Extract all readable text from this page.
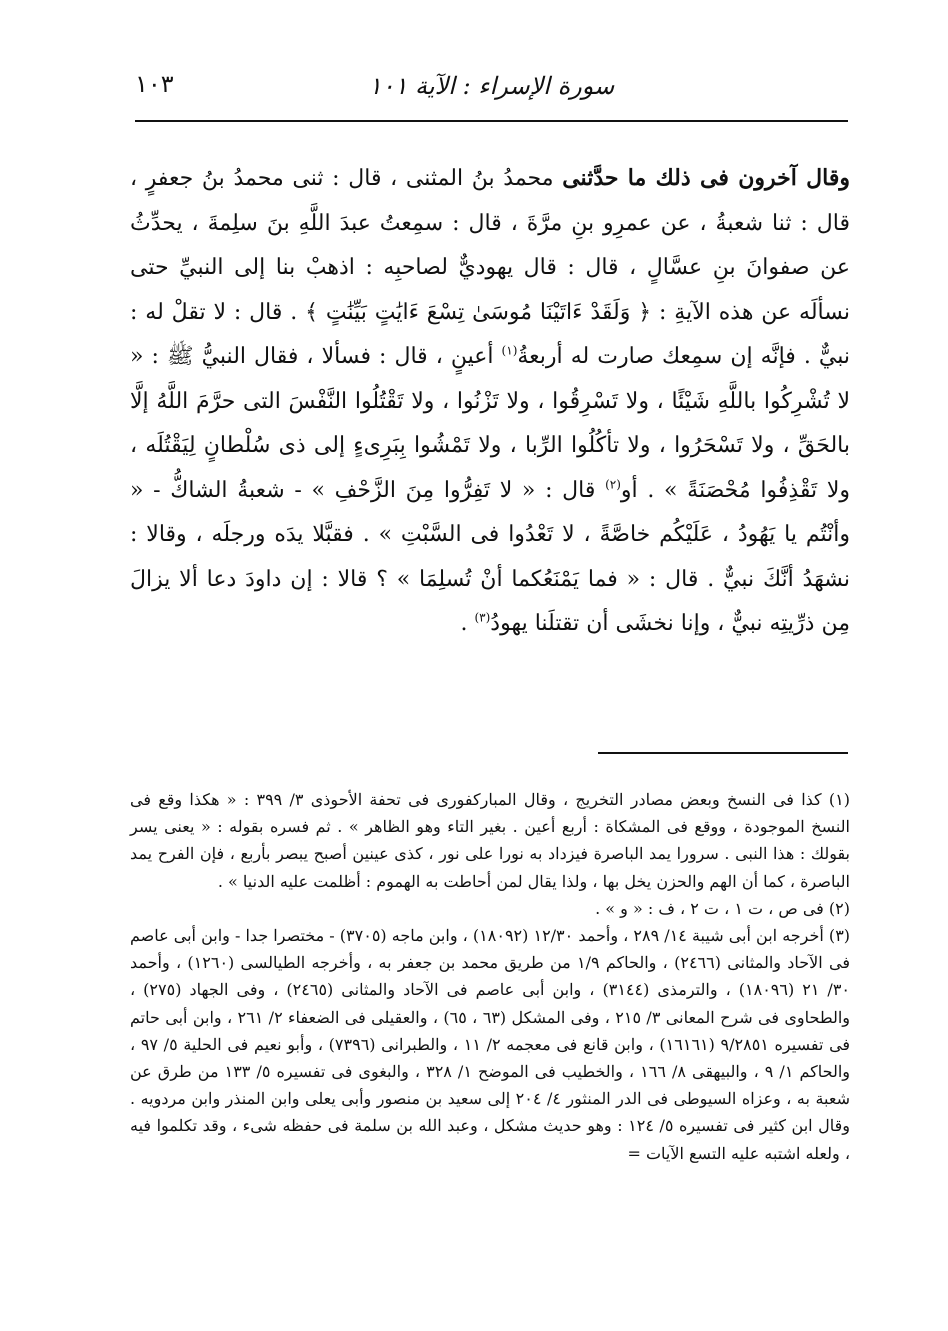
سورة الإسراء : الآية ١٠١
١٠٣

وقال آخرون فى ذلك ما حدَّثنى محمدُ بنُ المثنى ، قال : ثنى محمدُ بنُ جعفرٍ ، قال : ثنا شعبةُ ، عن عمرِو بنِ مرَّةَ ، قال : سمِعتُ عبدَ اللَّهِ بنَ سلِمةَ ، يحدِّثُ عن صفوانَ بنِ عسَّالٍ ، قال : قال يهوديٌّ لصاحبِه : اذهبْ بنا إلى النبيِّ حتى نسألَه عن هذه الآيةِ : ﴿ وَلَقَدْ ءَاتَيْنَا مُوسَىٰ تِسْعَ ءَايَٰتٍ بَيِّنَٰتٍ ﴾ . قال : لا تقلْ له : نبيٌّ . فإنَّه إن سمِعك صارت له أربعةُ$^{(١)}$ أعينٍ ، قال : فسألا ، فقال النبيُّ ﷺ : « لا تُشْرِكُوا باللَّهِ شَيْئًا ، ولا تَسْرِقُوا ، ولا تَزْنُوا ، ولا تَقْتُلُوا النَّفْسَ التى حرَّمَ اللَّهُ إلَّا بالحَقِّ ، ولا تَسْحَرُوا ، ولا تأكُلُوا الرِّبا ، ولا تَمْشُوا بِبَرِىءٍ إلى ذى سُلْطانٍ لِيَقْتُلَه ، ولا تَقْذِفُوا مُحْصَنَةً » . أو$^{(٢)}$ قال : « لا تَفِرُّوا مِنَ الزَّحْفِ » - شعبةُ الشاكُّ - « وأنْتُم يا يَهُودُ ، عَلَيْكُم خاصَّةً ، لا تَعْدُوا فى السَّبْتِ » . فقبَّلا يدَه ورجلَه ، وقالا : نشهَدُ أنَّكَ نبيٌّ . قال : « فما يَمْنَعُكما أنْ تُسلِمَا » ؟ قالا : إن داودَ دعا ألا يزالَ مِن ذرِّيتِه نبيٌّ ، وإنا نخشَى أن تقتلَنا يهودُ$^{(٣)}$ .

(١) كذا فى النسخ وبعض مصادر التخريج ، وقال المباركفورى فى تحفة الأحوذى ٣/ ٣٩٩ : « هكذا وقع فى النسخ الموجودة ، ووقع فى المشكاة : أربع أعين . بغير التاء وهو الظاهر » . ثم فسره بقوله : « يعنى يسر بقولك : هذا النبى . سرورا يمد الباصرة فيزداد به نورا على نور ، كذى عينين أصبح يبصر بأربع ، فإن الفرح يمد الباصرة ، كما أن الهم والحزن يخل بها ، ولذا يقال لمن أحاطت به الهموم : أظلمت عليه الدنيا » .

(٢) فى ص ، ت ١ ، ت ٢ ، ف : « و » .

(٣) أخرجه ابن أبى شيبة ١٤/ ٢٨٩ ، وأحمد ١٢/٣٠ (١٨٠٩٢) ، وابن ماجه (٣٧٠٥) - مختصرا جدا - وابن أبى عاصم فى الآحاد والمثانى (٢٤٦٦) ، والحاكم ١/٩ من طريق محمد بن جعفر به ، وأخرجه الطيالسى (١٢٦٠) ، وأحمد ٣٠/ ٢١ (١٨٠٩٦) ، والترمذى (٣١٤٤) ، وابن أبى عاصم فى الآحاد والمثانى (٢٤٦٥) ، وفى الجهاد (٢٧٥) ، والطحاوى فى شرح المعانى ٣/ ٢١٥ ، وفى المشكل (٦٣ ، ٦٥) ، والعقيلى فى الضعفاء ٢/ ٢٦١ ، وابن أبى حاتم فى تفسيره ٩/٢٨٥١ (١٦١٦١) ، وابن قانع فى معجمه ٢/ ١١ ، والطبرانى (٧٣٩٦) ، وأبو نعيم فى الحلية ٥/ ٩٧ ، والحاكم ١/ ٩ ، والبيهقى ٨/ ١٦٦ ، والخطيب فى الموضح ١/ ٣٢٨ ، والبغوى فى تفسيره ٥/ ١٣٣ من طرق عن شعبة به ، وعزاه السيوطى فى الدر المنثور ٤/ ٢٠٤ إلى سعيد بن منصور وأبى يعلى وابن المنذر وابن مردويه . وقال ابن كثير فى تفسيره ٥/ ١٢٤ : وهو حديث مشكل ، وعبد الله بن سلمة فى حفظه شىء ، وقد تكلموا فيه ، ولعله اشتبه عليه التسع الآيات =
